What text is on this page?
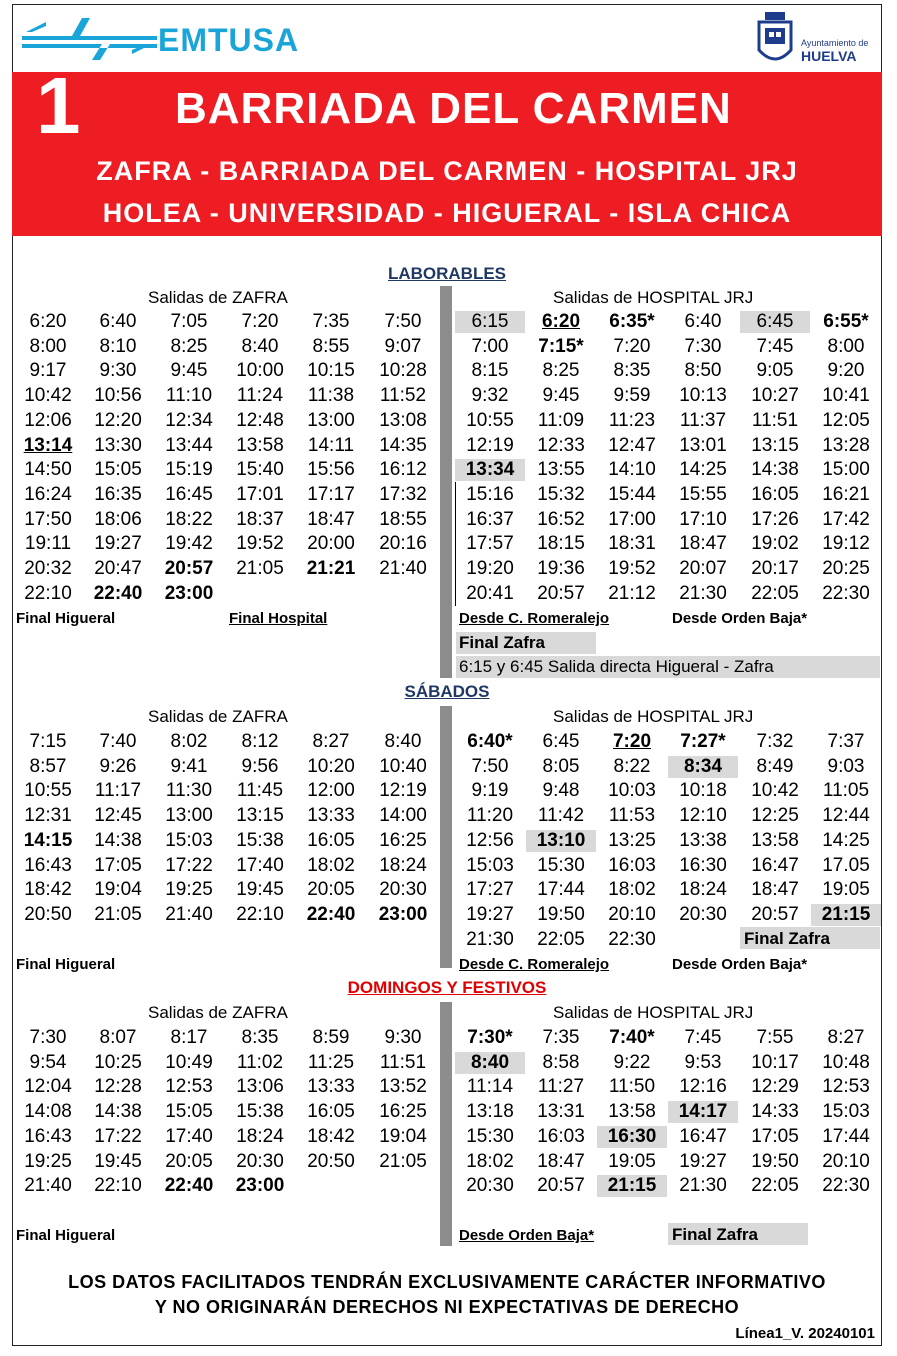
EMTUSA	Ayuntamiento de
HUELVA
1 BARRIADA DEL CARMEN
ZAFRA - BARRIADA DEL CARMEN - HOSPITAL JRJ
HOLEA - UNIVERSIDAD - HIGUERAL - ISLA CHICA
LABORABLES
Salidas de ZAFRA	Salidas de HOSPITAL JRJ
6:20	6:40	7:05	7:20	7:35	7:50
8:00	8:10	8:25	8:40	8:55	9:07
9:17	9:30	9:45	10:00	10:15	10:28
10:42	10:56	11:10	11:24	11:38	11:52
12:06	12:20	12:34	12:48	13:00	13:08
13:14	13:30	13:44	13:58	14:11	14:35
14:50	15:05	15:19	15:40	15:56	16:12
16:24	16:35	16:45	17:01	17:17	17:32
17:50	18:06	18:22	18:37	18:47	18:55
19:11	19:27	19:42	19:52	20:00	20:16
20:32	20:47	20:57	21:05	21:21	21:40
22:10	22:40	23:00
6:15	6:20	6:35*	6:40	6:45	6:55*
7:00	7:15*	7:20	7:30	7:45	8:00
8:15	8:25	8:35	8:50	9:05	9:20
9:32	9:45	9:59	10:13	10:27	10:41
10:55	11:09	11:23	11:37	11:51	12:05
12:19	12:33	12:47	13:01	13:15	13:28
13:34	13:55	14:10	14:25	14:38	15:00
15:16	15:32	15:44	15:55	16:05	16:21
16:37	16:52	17:00	17:10	17:26	17:42
17:57	18:15	18:31	18:47	19:02	19:12
19:20	19:36	19:52	20:07	20:17	20:25
20:41	20:57	21:12	21:30	22:05	22:30
Final Higueral	Final Hospital	Desde C. Romeralejo	Desde Orden Baja*
Final Zafra
6:15 y 6:45 Salida directa Higueral - Zafra
SÁBADOS
Salidas de ZAFRA	Salidas de HOSPITAL JRJ
7:15	7:40	8:02	8:12	8:27	8:40
8:57	9:26	9:41	9:56	10:20	10:40
10:55	11:17	11:30	11:45	12:00	12:19
12:31	12:45	13:00	13:15	13:33	14:00
14:15	14:38	15:03	15:38	16:05	16:25
16:43	17:05	17:22	17:40	18:02	18:24
18:42	19:04	19:25	19:45	20:05	20:30
20:50	21:05	21:40	22:10	22:40	23:00
6:40*	6:45	7:20	7:27*	7:32	7:37
7:50	8:05	8:22	8:34	8:49	9:03
9:19	9:48	10:03	10:18	10:42	11:05
11:20	11:42	11:53	12:10	12:25	12:44
12:56	13:10	13:25	13:38	13:58	14:25
15:03	15:30	16:03	16:30	16:47	17.05
17:27	17:44	18:02	18:24	18:47	19:05
19:27	19:50	20:10	20:30	20:57	21:15
21:30	22:05	22:30
Final Higueral	Desde C. Romeralejo	Desde Orden Baja*
Final Zafra
DOMINGOS Y FESTIVOS
Salidas de ZAFRA	Salidas de HOSPITAL JRJ
7:30	8:07	8:17	8:35	8:59	9:30
9:54	10:25	10:49	11:02	11:25	11:51
12:04	12:28	12:53	13:06	13:33	13:52
14:08	14:38	15:05	15:38	16:05	16:25
16:43	17:22	17:40	18:24	18:42	19:04
19:25	19:45	20:05	20:30	20:50	21:05
21:40	22:10	22:40	23:00
7:30*	7:35	7:40*	7:45	7:55	8:27
8:40	8:58	9:22	9:53	10:17	10:48
11:14	11:27	11:50	12:16	12:29	12:53
13:18	13:31	13:58	14:17	14:33	15:03
15:30	16:03	16:30	16:47	17:05	17:44
18:02	18:47	19:05	19:27	19:50	20:10
20:30	20:57	21:15	21:30	22:05	22:30
Final Higueral	Desde Orden Baja*	Final Zafra
LOS DATOS FACILITADOS TENDRÁN EXCLUSIVAMENTE CARÁCTER INFORMATIVO
Y NO ORIGINARÁN DERECHOS NI EXPECTATIVAS DE DERECHO
Línea1_V. 20240101
